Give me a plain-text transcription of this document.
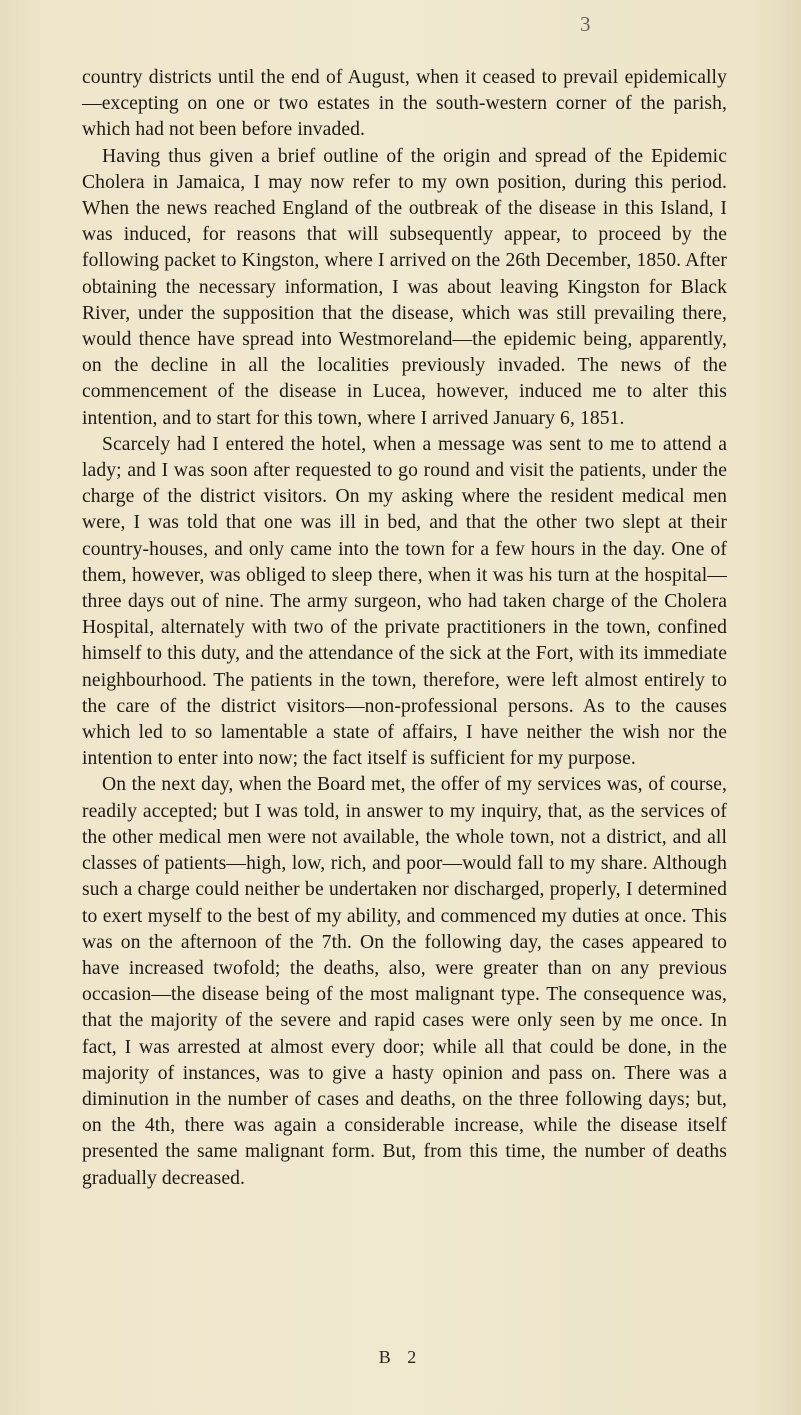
3

country districts until the end of August, when it ceased to prevail epidemically—excepting on one or two estates in the south-western corner of the parish, which had not been before invaded.

Having thus given a brief outline of the origin and spread of the Epidemic Cholera in Jamaica, I may now refer to my own position, during this period. When the news reached England of the outbreak of the disease in this Island, I was induced, for reasons that will subsequently appear, to proceed by the following packet to Kingston, where I arrived on the 26th December, 1850. After obtaining the necessary information, I was about leaving Kingston for Black River, under the supposition that the disease, which was still prevailing there, would thence have spread into Westmoreland—the epidemic being, apparently, on the decline in all the localities previously invaded. The news of the commencement of the disease in Lucea, however, induced me to alter this intention, and to start for this town, where I arrived January 6, 1851.

Scarcely had I entered the hotel, when a message was sent to me to attend a lady; and I was soon after requested to go round and visit the patients, under the charge of the district visitors. On my asking where the resident medical men were, I was told that one was ill in bed, and that the other two slept at their country-houses, and only came into the town for a few hours in the day. One of them, however, was obliged to sleep there, when it was his turn at the hospital—three days out of nine. The army surgeon, who had taken charge of the Cholera Hospital, alternately with two of the private practitioners in the town, confined himself to this duty, and the attendance of the sick at the Fort, with its immediate neighbourhood. The patients in the town, therefore, were left almost entirely to the care of the district visitors—non-professional persons. As to the causes which led to so lamentable a state of affairs, I have neither the wish nor the intention to enter into now; the fact itself is sufficient for my purpose.

On the next day, when the Board met, the offer of my services was, of course, readily accepted; but I was told, in answer to my inquiry, that, as the services of the other medical men were not available, the whole town, not a district, and all classes of patients—high, low, rich, and poor—would fall to my share. Although such a charge could neither be undertaken nor discharged, properly, I determined to exert myself to the best of my ability, and commenced my duties at once. This was on the afternoon of the 7th. On the following day, the cases appeared to have increased twofold; the deaths, also, were greater than on any previous occasion—the disease being of the most malignant type. The consequence was, that the majority of the severe and rapid cases were only seen by me once. In fact, I was arrested at almost every door; while all that could be done, in the majority of instances, was to give a hasty opinion and pass on. There was a diminution in the number of cases and deaths, on the three following days; but, on the 4th, there was again a considerable increase, while the disease itself presented the same malignant form. But, from this time, the number of deaths gradually decreased.

B 2
